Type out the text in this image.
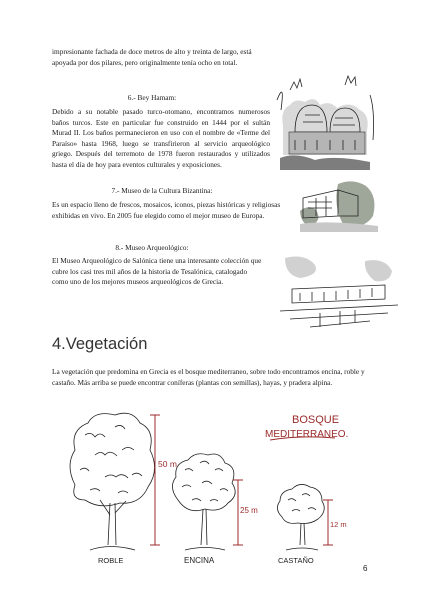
impresionante fachada de doce metros de alto y treinta de largo, está apoyada por dos pilares, pero originalmente tenía ocho en total.

6.- Bey Hamam:

Debido a su notable pasado turco-otomano, encontramos numerosos baños turcos. Este en particular fue construido en 1444 por el sultán Murad II. Los baños permanecieron en uso con el nombre de «Terme del Paraíso» hasta 1968, luego se transfirieron al servicio arqueológico griego. Después del terremoto de 1978 fueron restaurados y utilizados hasta el día de hoy para eventos culturales y exposiciones.

7.- Museo de la Cultura Bizantina:

Es un espacio lleno de frescos, mosaicos, iconos, piezas históricas y religiosas exhibidas en vivo. En 2005 fue elegido como el mejor museo de Europa.

8.- Museo Arqueológico:

El Museo Arqueológico de Salónica tiene una interesante colección que cubre los casi tres mil años de la historia de Tesalónica, catalogado como uno de los mejores museos arqueológicos de Grecia.

4.Vegetación

La vegetación que predomina en Grecia es el bosque mediterraneo, sobre todo encontramos encina, roble y castaño. Más arriba se puede encontrar coníferas (plantas con semillas), hayas, y pradera alpina.

50 m
25 m
12 m
BOSQUE
MEDITERRANEO.
ROBLE	ENCINA	CASTAÑO
6
